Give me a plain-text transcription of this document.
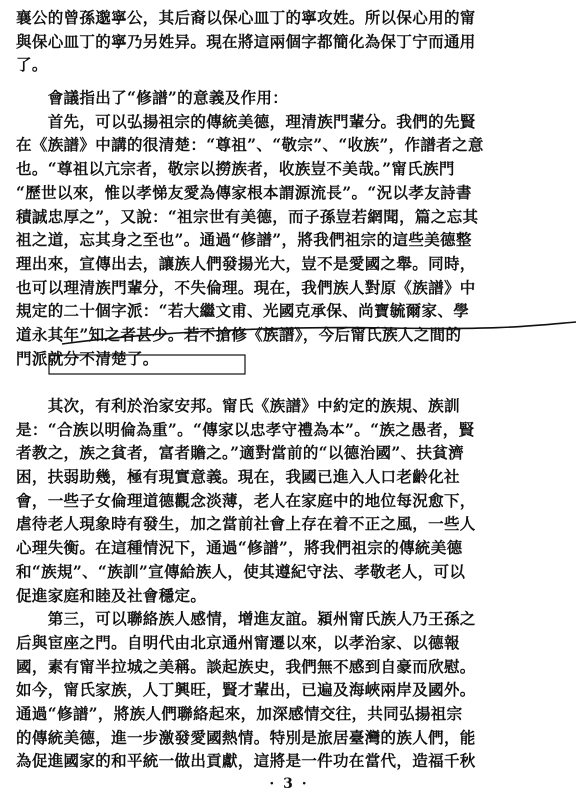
襄公的曾孫邈寧公，其后裔以保心皿丁的寧攻姓。所以保心用的甯
與保心皿丁的寧乃另姓异。現在將這兩個字都簡化為保丁宁而通用
了。
　　會議指出了“修譜”的意義及作用：
　　首先，可以弘揚祖宗的傳統美德，理清族門輩分。我們的先賢
在《族譜》中講的很清楚：“尊祖”、“敬宗”、“收族”，作譜者之意
也。“尊祖以亢宗者，敬宗以撈族者，收族豈不美哉。”甯氏族門
“歷世以來，惟以孝悌友愛為傳家根本謂源流長”。“況以孝友詩書
積誠忠厚之”，又說：“祖宗世有美德，而子孫豈若網聞，篇之忘其
祖之道，忘其身之至也”。通過“修譜”，將我們祖宗的這些美德整
理出來，宣傳出去，讓族人們發揚光大，豈不是愛國之舉。同時，
也可以理清族門輩分，不失倫理。現在，我們族人對原《族譜》中
規定的二十個字派：“若大繼文甫、光國克承保、尚寶毓爾家、學
道永其年”知之者甚少。若不搶修《族譜》，今后甯氏族人之間的
門派就分不清楚了。
　　其次，有利於治家安邦。甯氏《族譜》中約定的族規、族訓
是：“合族以明倫為重”。“傳家以忠孝守禮為本”。“族之愚者，賢
者教之，族之貧者，富者贍之。”適對當前的“以德治國”、扶貧濟
困，扶弱助幾，極有現實意義。現在，我國已進入人口老齡化社
會，一些子女倫理道德觀念淡薄，老人在家庭中的地位每況愈下，
虐待老人現象時有發生，加之當前社會上存在着不正之風，一些人
心理失衡。在這種情況下，通過“修譜”，將我們祖宗的傳統美德
和“族規”、“族訓”宣傳給族人，使其遵紀守法、孝敬老人，可以
促進家庭和睦及社會穩定。
　　第三，可以聯絡族人感情，增進友誼。潁州甯氏族人乃王孫之
后與宦座之門。自明代由北京通州甯遷以來，以孝治家、以德報
國，素有甯半拉城之美稱。談起族史，我們無不感到自豪而欣慰。
如今，甯氏家族，人丁興旺，賢才輩出，已遍及海峽兩岸及國外。
通過“修譜”，將族人們聯絡起來，加深感情交往，共同弘揚祖宗
的傳統美德，進一步激發愛國熱情。特別是旅居臺灣的族人們，能
為促進國家的和平統一做出貢獻，這將是一件功在當代，造福千秋
· 3 ·
